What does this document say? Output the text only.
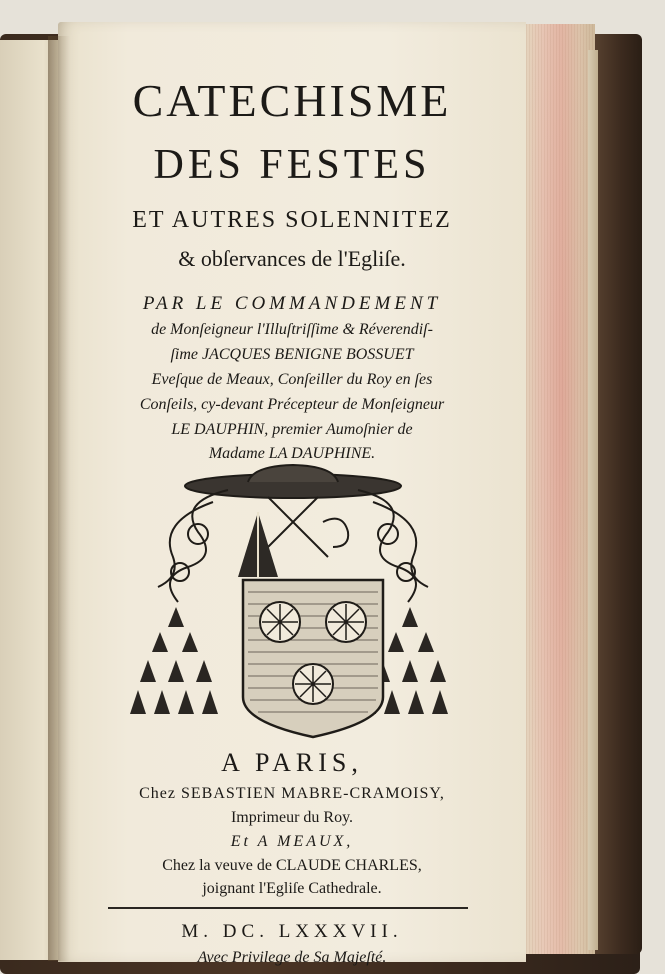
CATECHISME
DES FESTES
ET AUTRES SOLENNITEZ
& obſervances de l'Egliſe.
PAR LE COMMANDEMENT
de Monſeigneur l'Illuſtriſſime & Réverendiſ-
ſime JACQUES BENIGNE BOSSUET
Eveſque de Meaux, Conſeiller du Roy en ſes
Conſeils, cy-devant Précepteur de Monſeigneur
LE DAUPHIN, premier Aumoſnier de
Madame LA DAUPHINE.
A PARIS,
Chez SEBASTIEN MABRE-CRAMOISY,
Imprimeur du Roy.
Et A MEAUX,
Chez la veuve de CLAUDE CHARLES,
joignant l'Egliſe Cathedrale.
M. DC. LXXXVII.
Avec Privilege de Sa Majeſté.
